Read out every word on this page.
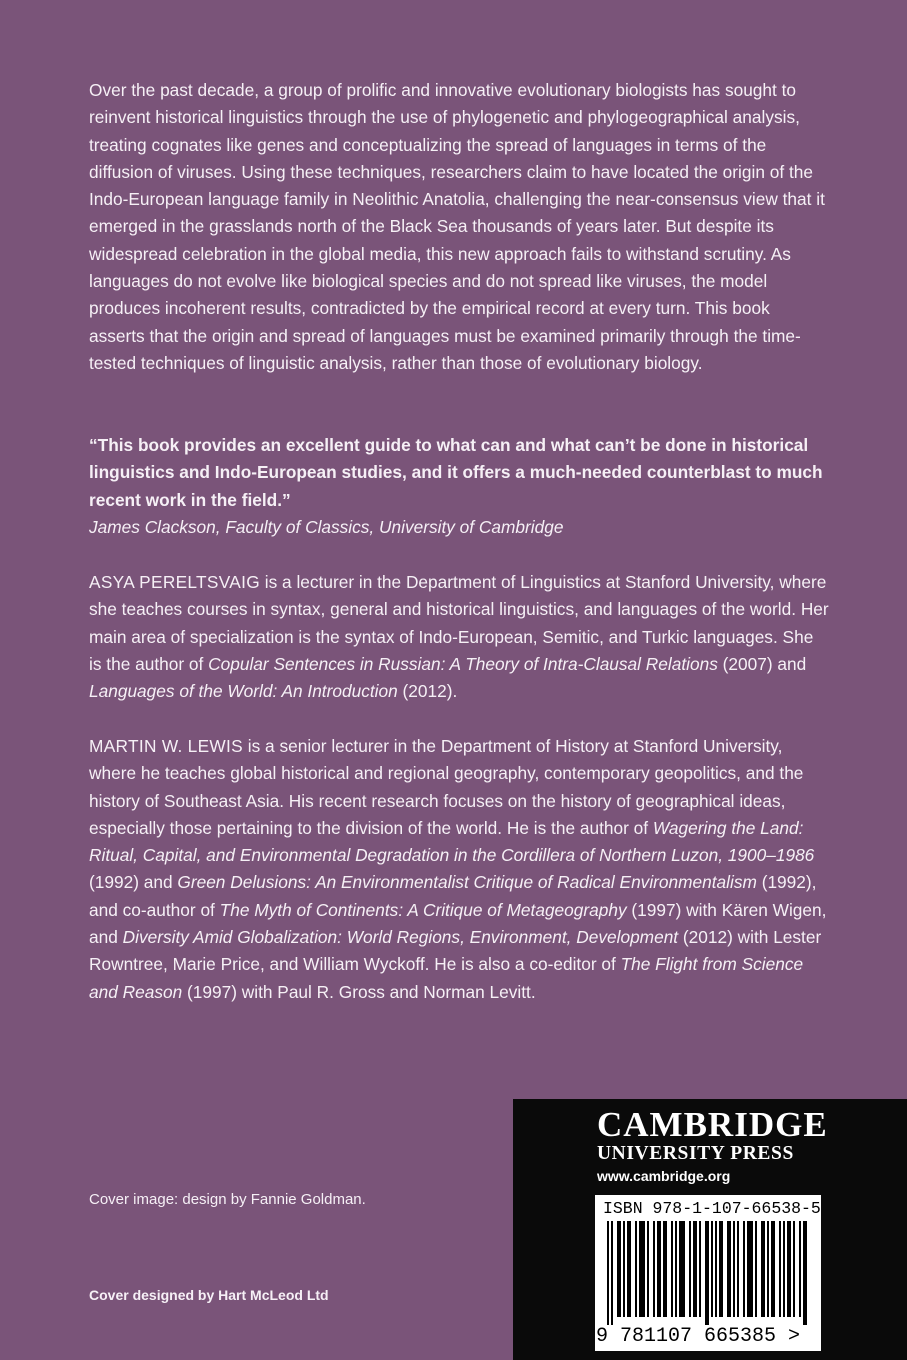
Over the past decade, a group of prolific and innovative evolutionary biologists has sought to reinvent historical linguistics through the use of phylogenetic and phylogeographical analysis, treating cognates like genes and conceptualizing the spread of languages in terms of the diffusion of viruses. Using these techniques, researchers claim to have located the origin of the Indo-European language family in Neolithic Anatolia, challenging the near-consensus view that it emerged in the grasslands north of the Black Sea thousands of years later. But despite its widespread celebration in the global media, this new approach fails to withstand scrutiny. As languages do not evolve like biological species and do not spread like viruses, the model produces incoherent results, contradicted by the empirical record at every turn. This book asserts that the origin and spread of languages must be examined primarily through the time-tested techniques of linguistic analysis, rather than those of evolutionary biology.

“This book provides an excellent guide to what can and what can’t be done in historical linguistics and Indo-European studies, and it offers a much-needed counterblast to much recent work in the field.”
James Clackson, Faculty of Classics, University of Cambridge

ASYA PERELTSVAIG is a lecturer in the Department of Linguistics at Stanford University, where she teaches courses in syntax, general and historical linguistics, and languages of the world. Her main area of specialization is the syntax of Indo-European, Semitic, and Turkic languages. She is the author of Copular Sentences in Russian: A Theory of Intra-Clausal Relations (2007) and Languages of the World: An Introduction (2012).

MARTIN W. LEWIS is a senior lecturer in the Department of History at Stanford University, where he teaches global historical and regional geography, contemporary geopolitics, and the history of Southeast Asia. His recent research focuses on the history of geographical ideas, especially those pertaining to the division of the world. He is the author of Wagering the Land: Ritual, Capital, and Environmental Degradation in the Cordillera of Northern Luzon, 1900–1986 (1992) and Green Delusions: An Environmentalist Critique of Radical Environmentalism (1992), and co-author of The Myth of Continents: A Critique of Metageography (1997) with Kären Wigen, and Diversity Amid Globalization: World Regions, Environment, Development (2012) with Lester Rowntree, Marie Price, and William Wyckoff. He is also a co-editor of The Flight from Science and Reason (1997) with Paul R. Gross and Norman Levitt.

Cover image: design by Fannie Goldman.
Cover designed by Hart McLeod Ltd
CAMBRIDGE
UNIVERSITY PRESS
www.cambridge.org
ISBN 978-1-107-66538-5
9 781107 665385 >
